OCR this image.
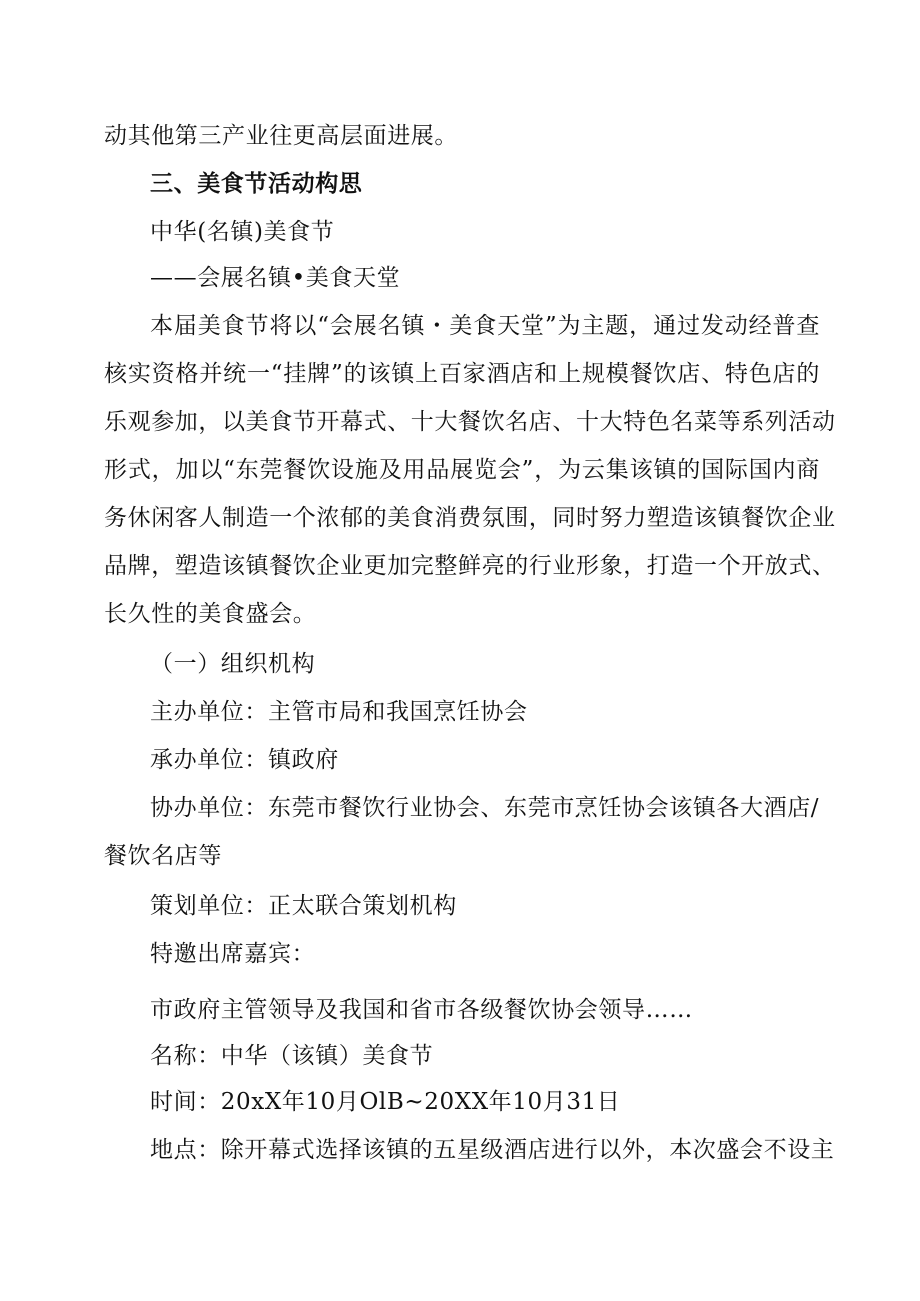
动其他第三产业往更高层面进展。
三、美食节活动构思
中华(名镇)美食节
——会展名镇•美食天堂
本届美食节将以“会展名镇・美食天堂”为主题，通过发动经普查
核实资格并统一“挂牌”的该镇上百家酒店和上规模餐饮店、特色店的
乐观参加，以美食节开幕式、十大餐饮名店、十大特色名菜等系列活动
形式，加以“东莞餐饮设施及用品展览会”，为云集该镇的国际国内商
务休闲客人制造一个浓郁的美食消费氛围，同时努力塑造该镇餐饮企业
品牌，塑造该镇餐饮企业更加完整鲜亮的行业形象，打造一个开放式、
长久性的美食盛会。
（一）组织机构
主办单位：主管市局和我国烹饪协会
承办单位：镇政府
协办单位：东莞市餐饮行业协会、东莞市烹饪协会该镇各大酒店/
餐饮名店等
策划单位：正太联合策划机构
特邀出席嘉宾：
市政府主管领导及我国和省市各级餐饮协会领导……
名称：中华（该镇）美食节
时间：20xX年10月OlB~20XX年10月31日
地点：除开幕式选择该镇的五星级酒店进行以外，本次盛会不设主
